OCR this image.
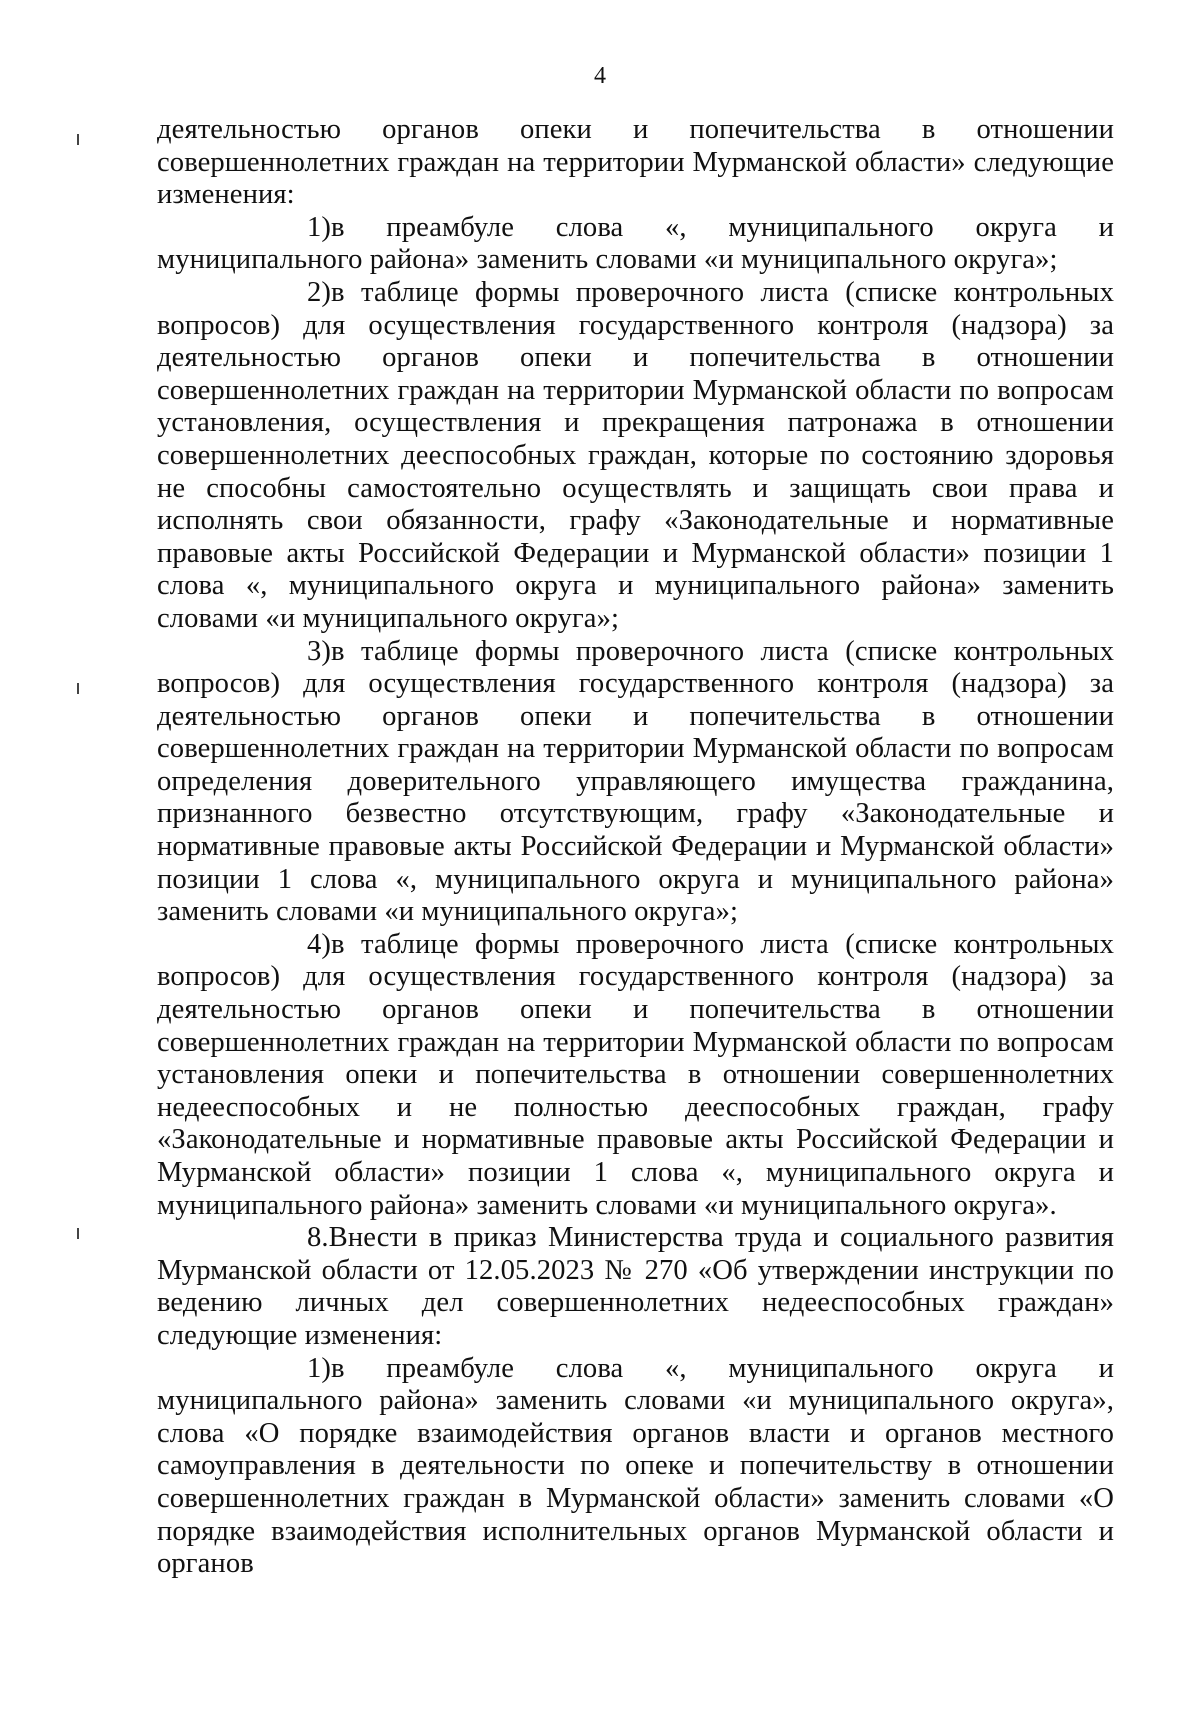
4

деятельностью органов опеки и попечительства в отношении совершеннолетних граждан на территории Мурманской области» следующие изменения:

1)в преамбуле слова «, муниципального округа и муниципального района» заменить словами «и муниципального округа»;

2)в таблице формы проверочного листа (списке контрольных вопросов) для осуществления государственного контроля (надзора) за деятельностью органов опеки и попечительства в отношении совершеннолетних граждан на территории Мурманской области по вопросам установления, осуществления и прекращения патронажа в отношении совершеннолетних дееспособных граждан, которые по состоянию здоровья не способны самостоятельно осуществлять и защищать свои права и исполнять свои обязанности, графу «Законодательные и нормативные правовые акты Российской Федерации и Мурманской области» позиции 1 слова «, муниципального округа и муниципального района» заменить словами «и муниципального округа»;

3)в таблице формы проверочного листа (списке контрольных вопросов) для осуществления государственного контроля (надзора) за деятельностью органов опеки и попечительства в отношении совершеннолетних граждан на территории Мурманской области по вопросам определения доверительного управляющего имущества гражданина, признанного безвестно отсутствующим, графу «Законодательные и нормативные правовые акты Российской Федерации и Мурманской области» позиции 1 слова «, муниципального округа и муниципального района» заменить словами «и муниципального округа»;

4)в таблице формы проверочного листа (списке контрольных вопросов) для осуществления государственного контроля (надзора) за деятельностью органов опеки и попечительства в отношении совершеннолетних граждан на территории Мурманской области по вопросам установления опеки и попечительства в отношении совершеннолетних недееспособных и не полностью дееспособных граждан, графу «Законодательные и нормативные правовые акты Российской Федерации и Мурманской области» позиции 1 слова «, муниципального округа и муниципального района» заменить словами «и муниципального округа».

8.Внести в приказ Министерства труда и социального развития Мурманской области от 12.05.2023 № 270 «Об утверждении инструкции по ведению личных дел совершеннолетних недееспособных граждан» следующие изменения:

1)в преамбуле слова «, муниципального округа и муниципального района» заменить словами «и муниципального округа», слова «О порядке взаимодействия органов власти и органов местного самоуправления в деятельности по опеке и попечительству в отношении совершеннолетних граждан в Мурманской области» заменить словами «О порядке взаимодействия исполнительных органов Мурманской области и органов
